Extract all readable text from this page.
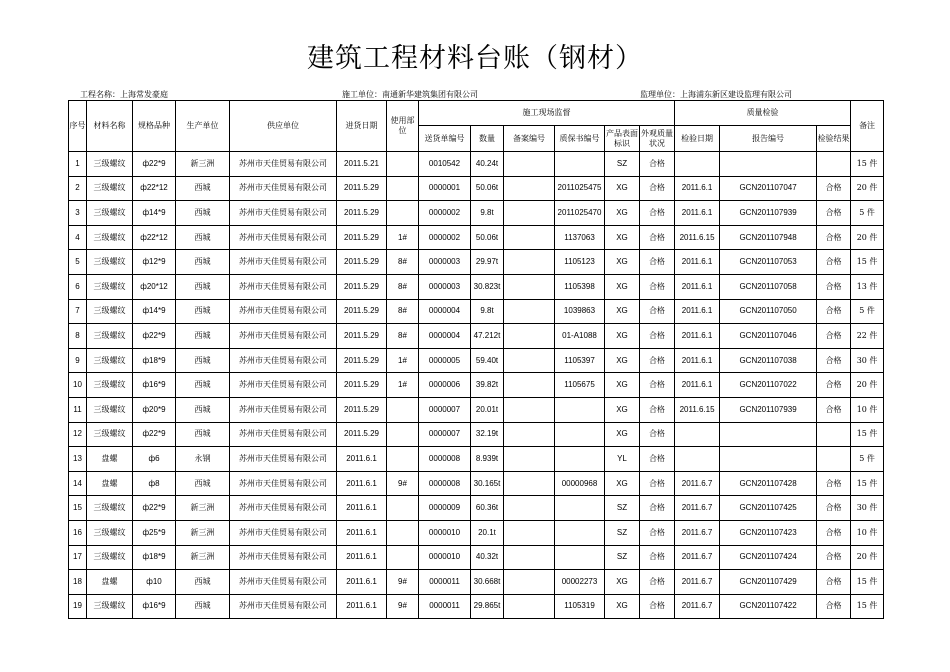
建筑工程材料台账（钢材）
工程名称：上海常发豪庭	施工单位：南通新华建筑集团有限公司	监理单位：上海浦东新区建设监理有限公司
序号	材料名称	规格品种	生产单位	供应单位	进货日期	使用部位	施工现场监督						质量检验			备注
							送货单编号	数量	备案编号	质保书编号	产品表面标识	外观质量状况	检验日期	报告编号	检验结果	
1	三级螺纹	ф22*9	新三洲	苏州市天佳贸易有限公司	2011.5.21		0010542	40.24t			SZ	合格				15 件
2	三级螺纹	ф22*12	西城	苏州市天佳贸易有限公司	2011.5.29		0000001	50.06t		2011025475	XG	合格	2011.6.1	GCN201107047	合格	20 件
3	三级螺纹	ф14*9	西城	苏州市天佳贸易有限公司	2011.5.29		0000002	9.8t		2011025470	XG	合格	2011.6.1	GCN201107939	合格	5 件
4	三级螺纹	ф22*12	西城	苏州市天佳贸易有限公司	2011.5.29	1#	0000002	50.06t		1137063	XG	合格	2011.6.15	GCN201107948	合格	20 件
5	三级螺纹	ф12*9	西城	苏州市天佳贸易有限公司	2011.5.29	8#	0000003	29.97t		1105123	XG	合格	2011.6.1	GCN201107053	合格	15 件
6	三级螺纹	ф20*12	西城	苏州市天佳贸易有限公司	2011.5.29	8#	0000003	30.823t		1105398	XG	合格	2011.6.1	GCN201107058	合格	13 件
7	三级螺纹	ф14*9	西城	苏州市天佳贸易有限公司	2011.5.29	8#	0000004	9.8t		1039863	XG	合格	2011.6.1	GCN201107050	合格	5 件
8	三级螺纹	ф22*9	西城	苏州市天佳贸易有限公司	2011.5.29	8#	0000004	47.212t		01-A1088	XG	合格	2011.6.1	GCN201107046	合格	22 件
9	三级螺纹	ф18*9	西城	苏州市天佳贸易有限公司	2011.5.29	1#	0000005	59.40t		1105397	XG	合格	2011.6.1	GCN201107038	合格	30 件
10	三级螺纹	ф16*9	西城	苏州市天佳贸易有限公司	2011.5.29	1#	0000006	39.82t		1105675	XG	合格	2011.6.1	GCN201107022	合格	20 件
11	三级螺纹	ф20*9	西城	苏州市天佳贸易有限公司	2011.5.29		0000007	20.01t			XG	合格	2011.6.15	GCN201107939	合格	10 件
12	三级螺纹	ф22*9	西城	苏州市天佳贸易有限公司	2011.5.29		0000007	32.19t			XG	合格				15 件
13	盘螺	ф6	永钢	苏州市天佳贸易有限公司	2011.6.1		0000008	8.939t			YL	合格				5 件
14	盘螺	ф8	西城	苏州市天佳贸易有限公司	2011.6.1	9#	0000008	30.165t		00000968	XG	合格	2011.6.7	GCN201107428	合格	15 件
15	三级螺纹	ф22*9	新三洲	苏州市天佳贸易有限公司	2011.6.1		0000009	60.36t			SZ	合格	2011.6.7	GCN201107425	合格	30 件
16	三级螺纹	ф25*9	新三洲	苏州市天佳贸易有限公司	2011.6.1		0000010	20.1t			SZ	合格	2011.6.7	GCN201107423	合格	10 件
17	三级螺纹	ф18*9	新三洲	苏州市天佳贸易有限公司	2011.6.1		0000010	40.32t			SZ	合格	2011.6.7	GCN201107424	合格	20 件
18	盘螺	ф10	西城	苏州市天佳贸易有限公司	2011.6.1	9#	0000011	30.668t		00002273	XG	合格	2011.6.7	GCN201107429	合格	15 件
19	三级螺纹	ф16*9	西城	苏州市天佳贸易有限公司	2011.6.1	9#	0000011	29.865t		1105319	XG	合格	2011.6.7	GCN201107422	合格	15 件
